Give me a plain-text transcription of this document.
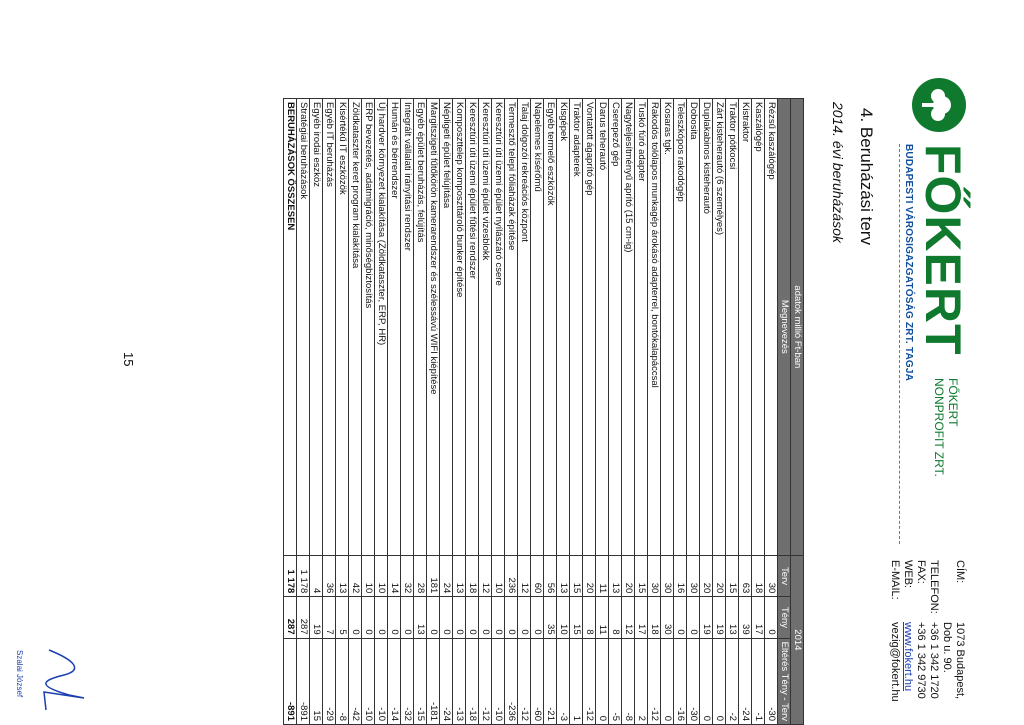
FŐKERT
FŐKERT
NONPROFIT ZRT.
BUDAPESTI VÁROSIGAZGATÓSÁG ZRT. TAGJA
CÍM:
1073 Budapest,
Dob u. 90.
TELEFON:
+36 1 342 1720
FAX:
+36 1 342 9730
WEB:
www.fokert.hu
E-MAIL:
vezig@fokert.hu
4. Beruházási terv
2014. évi beruházások
adatok millió Ft-ban	2014		
Megnevezés	Terv	Tény	Eltérés Tény - Terv
Rézsű kaszálógép	30	0	-30
Kaszálógép	18	17	-1
Kistraktor	63	39	-24
Traktor pótkocsi	15	13	-2
Zárt kisteherautó (6 személyes)	20	19	0
Duplakabinos kisteherautó	20	19	0
Dobosita	30	0	-30
Teleszkópos rakodógép	16	0	-16
Kosaras tgk.	30	30	0
Rakodós tolólapos munkagép árokásó adapterrel, bontókalapáccsal	30	18	-12
Tuskó fúró adapter	15	17	2
Nagyteljesítményű aprító (15 cm-ig)	20	12	-8
Cserepező gép	13	8	-5
Darus teherautó	11	11	0
Vontatott ágaprító gép	20	8	-12
Traktor adapterek	15	15	1
Kisgépek	13	10	-3
Egyéb termelő eszközök	56	35	-21
Napelemes kísérőmű	60	0	-60
Talaj dolgozói rekreációs központ	12	0	-12
Termesztő telepi fóliaházak építése	236	0	-236
Keresztúri úti üzemi épület nyílászáró csere	10	0	-10
Keresztúri úti üzemi épület vizesblokk	12	0	-12
Keresztúri úti üzemi épület fűtési rendszer	18	0	-18
Komposzttelep komposzttároló bunker építése	13	0	-13
Népligeti épület felújítása	24	0	-24
Margitszigeti fűtőkörön kamerarendszer és szélessávú WIFI kiépítése	181	0	-181
Egyéb épület beruházás, felújítás	28	13	-15
Integrált vállalati irányítási rendszer	32	0	-32
Humán és bérrendszer	14	0	-14
Új hardver környezet kialakítása (Zöldkataszter, ERP, HR)	10	0	-10
ERP bevezetés, adatmigráció, minőségbiztosítás	10	0	-10
Zöldkataszter keret program kialakítása	42	0	-42
Kisértékű IT eszközök	13	5	-8
Egyéb IT beruházás	36	7	-29
Egyéb irodai eszköz	4	19	15
Stratégiai beruházások	1 178	287	-891
BERUHÁZÁSOK ÖSSZESEN	1 178	287	-891
15
Szalai József
